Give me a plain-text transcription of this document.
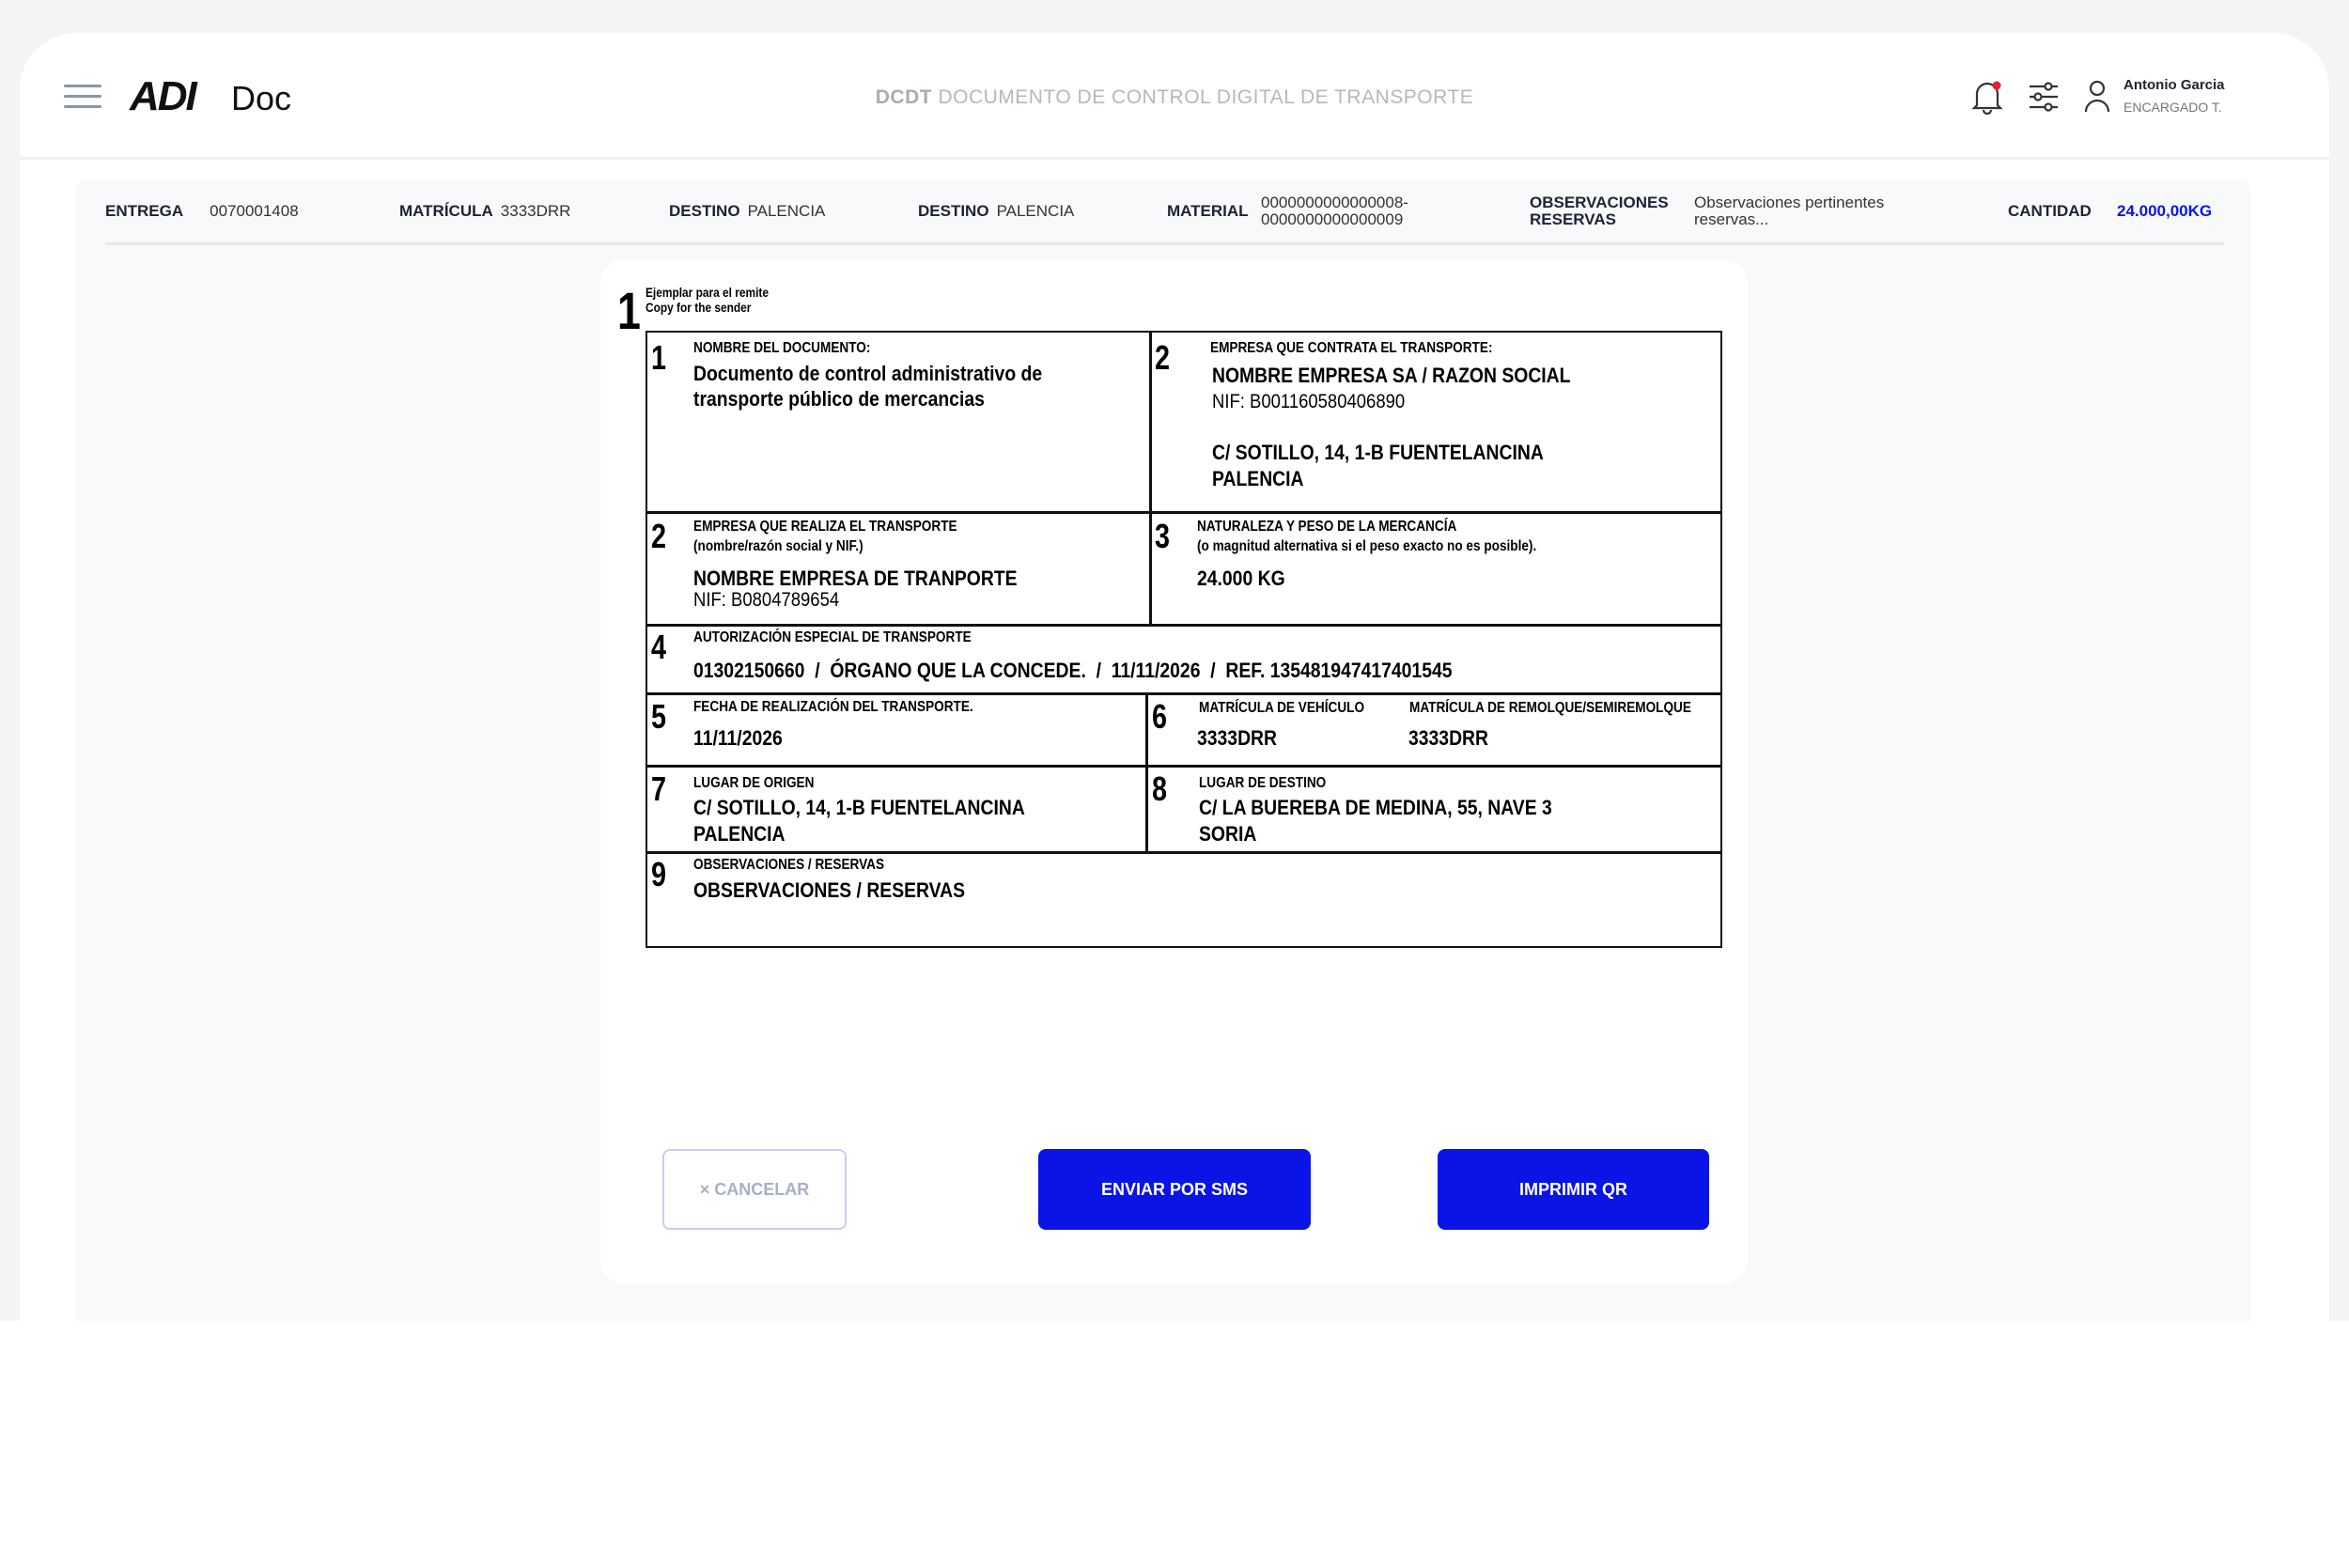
ADI Doc	DCDT DOCUMENTO DE CONTROL DIGITAL DE TRANSPORTE
Antonio Garcia
ENCARGADO T.
ENTREGA 0070001408	MATRÍCULA 3333DRR	DESTINO PALENCIA	DESTINO PALENCIA	MATERIAL 0000000000000008-
0000000000000009
OBSERVACIONES
RESERVAS
Observaciones pertinentes
reservas...	CANTIDAD	24.000,00KG
1 Ejemplar para el remite
Copy for the sender
1 NOMBRE DEL DOCUMENTO:
Documento de control administrativo de
transporte público de mercancias
2	EMPRESA QUE CONTRATA EL TRANSPORTE:
NOMBRE EMPRESA SA / RAZON SOCIAL
NIF: B001160580406890
C/ SOTILLO, 14, 1-B FUENTELANCINA
PALENCIA
2 EMPRESA QUE REALIZA EL TRANSPORTE
(nombre/razón social y NIF.)
NOMBRE EMPRESA DE TRANPORTE
NIF: B0804789654
3 NATURALEZA Y PESO DE LA MERCANCÍA
(o magnitud alternativa si el peso exacto no es posible).
24.000 KG
4 AUTORIZACIÓN ESPECIAL DE TRANSPORTE
01302150660  /  ÓRGANO QUE LA CONCEDE.  /  11/11/2026  /  REF. 135481947417401545
5 FECHA DE REALIZACIÓN DEL TRANSPORTE.
11/11/2026
6 MATRÍCULA DE VEHÍCULO	MATRÍCULA DE REMOLQUE/SEMIREMOLQUE
3333DRR	3333DRR
7 LUGAR DE ORIGEN
C/ SOTILLO, 14, 1-B FUENTELANCINA
PALENCIA
8 LUGAR DE DESTINO
C/ LA BUEREBA DE MEDINA, 55, NAVE 3
SORIA
9 OBSERVACIONES / RESERVAS
OBSERVACIONES / RESERVAS
× CANCELAR	ENVIAR POR SMS	IMPRIMIR QR
